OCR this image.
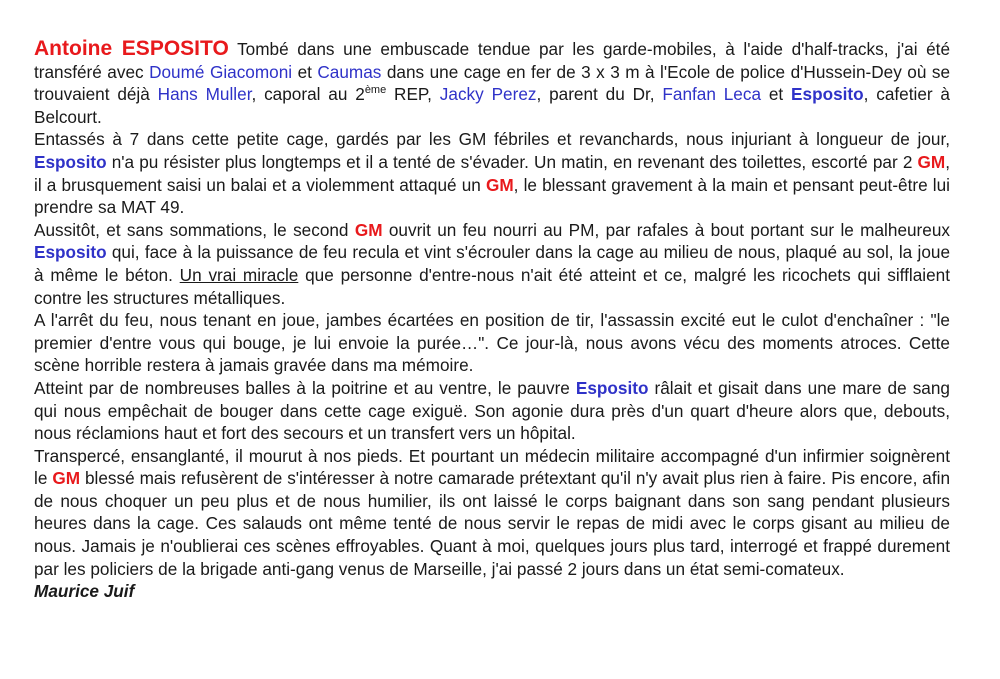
Antoine ESPOSITO Tombé dans une embuscade tendue par les garde-mobiles, à l'aide d'half-tracks, j'ai été transféré avec Doumé Giacomoni et Caumas dans une cage en fer de 3 x 3 m à l'Ecole de police d'Hussein-Dey où se trouvaient déjà Hans Muller, caporal au 2ème REP, Jacky Perez, parent du Dr, Fanfan Leca et Esposito, cafetier à Belcourt.

Entassés à 7 dans cette petite cage, gardés par les GM fébriles et revanchards, nous injuriant à longueur de jour, Esposito n'a pu résister plus longtemps et il a tenté de s'évader. Un matin, en revenant des toilettes, escorté par 2 GM, il a brusquement saisi un balai et a violemment attaqué un GM, le blessant gravement à la main et pensant peut-être lui prendre sa MAT 49.

Aussitôt, et sans sommations, le second GM ouvrit un feu nourri au PM, par rafales à bout portant sur le malheureux Esposito qui, face à la puissance de feu recula et vint s'écrouler dans la cage au milieu de nous, plaqué au sol, la joue à même le béton. Un vrai miracle que personne d'entre-nous n'ait été atteint et ce, malgré les ricochets qui sifflaient contre les structures métalliques.

A l'arrêt du feu, nous tenant en joue, jambes écartées en position de tir, l'assassin excité eut le culot d'enchaîner : "le premier d'entre vous qui bouge, je lui envoie la purée…". Ce jour-là, nous avons vécu des moments atroces. Cette scène horrible restera à jamais gravée dans ma mémoire.

Atteint par de nombreuses balles à la poitrine et au ventre, le pauvre Esposito râlait et gisait dans une mare de sang qui nous empêchait de bouger dans cette cage exiguë. Son agonie dura près d'un quart d'heure alors que, debouts, nous réclamions haut et fort des secours et un transfert vers un hôpital.

Transpercé, ensanglanté, il mourut à nos pieds. Et pourtant un médecin militaire accompagné d'un infirmier soignèrent le GM blessé mais refusèrent de s'intéresser à notre camarade prétextant qu'il n'y avait plus rien à faire. Pis encore, afin de nous choquer un peu plus et de nous humilier, ils ont laissé le corps baignant dans son sang pendant plusieurs heures dans la cage. Ces salauds ont même tenté de nous servir le repas de midi avec le corps gisant au milieu de nous. Jamais je n'oublierai ces scènes effroyables. Quant à moi, quelques jours plus tard, interrogé et frappé durement par les policiers de la brigade anti-gang venus de Marseille, j'ai passé 2 jours dans un état semi-comateux.

Maurice Juif
